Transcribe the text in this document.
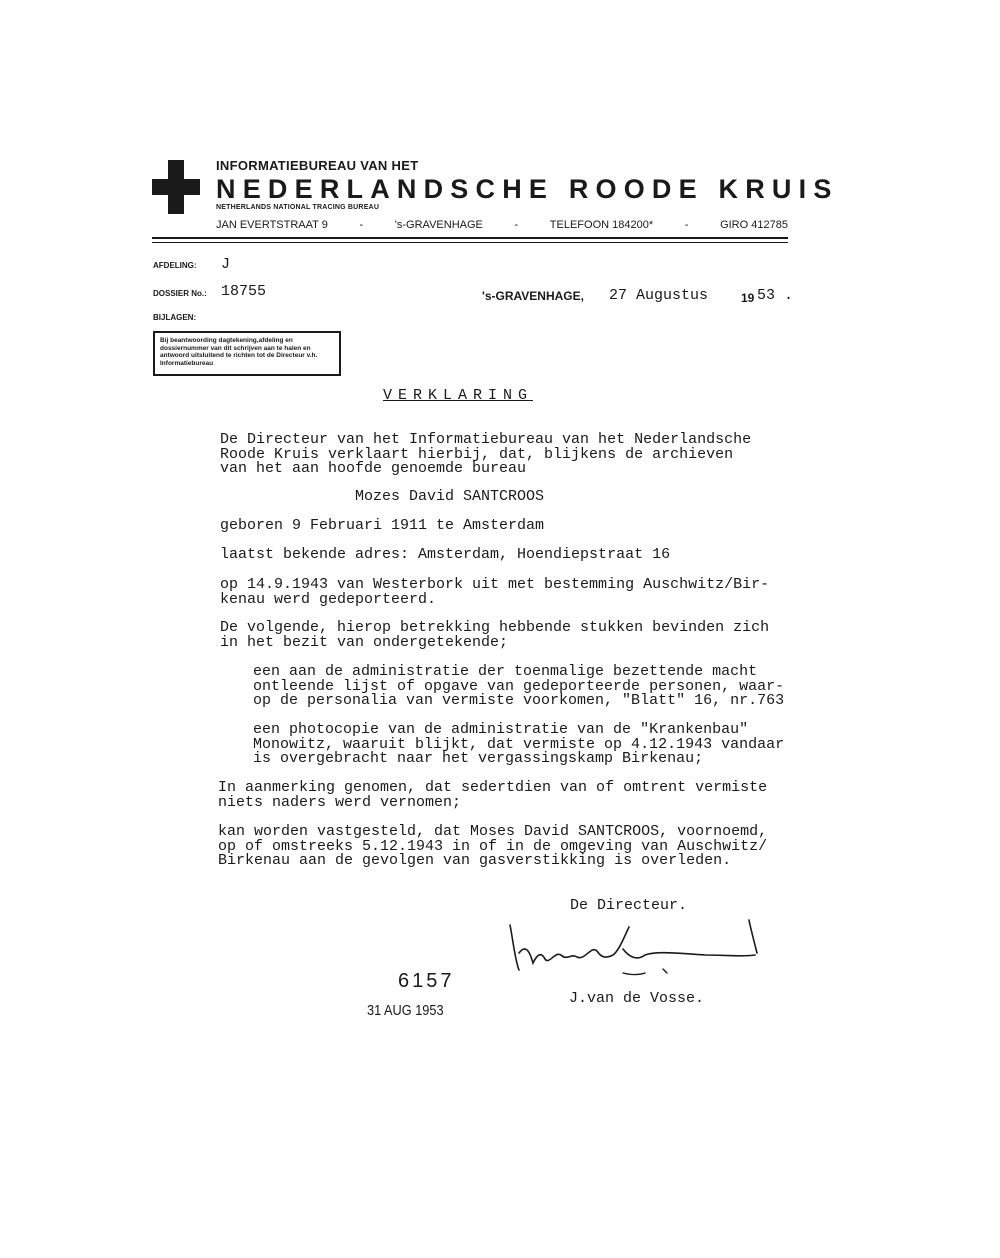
INFORMATIEBUREAU VAN HET
NEDERLANDSCHE ROODE KRUIS
NETHERLANDS NATIONAL TRACING BUREAU
JAN EVERTSTRAAT 9	-	's-GRAVENHAGE	-	TELEFOON 184200*	-	GIRO 412785
AFDELING: J
DOSSIER No.: 18755
BIJLAGEN:
's-GRAVENHAGE, 27 Augustus	19 53 .
Bij beantwoording dagtekening,afdeling en dossiernummer van dit schrijven aan te halen en antwoord uitsluitend te richten tot de Directeur v.h. Informatiebureau
VERKLARING
De Directeur van het Informatiebureau van het Nederlandsche
Roode Kruis verklaart hierbij, dat, blijkens de archieven
van het aan hoofde genoemde bureau
Mozes David SANTCROOS
geboren 9 Februari 1911 te Amsterdam
laatst bekende adres: Amsterdam, Hoendiepstraat 16
op 14.9.1943 van Westerbork uit met bestemming Auschwitz/Bir-
kenau werd gedeporteerd.
De volgende, hierop betrekking hebbende stukken bevinden zich
in het bezit van ondergetekende;
een aan de administratie der toenmalige bezettende macht
ontleende lijst of opgave van gedeporteerde personen, waar-
op de personalia van vermiste voorkomen, "Blatt" 16, nr.763
een photocopie van de administratie van de "Krankenbau"
Monowitz, waaruit blijkt, dat vermiste op 4.12.1943 vandaar
is overgebracht naar het vergassingskamp Birkenau;
In aanmerking genomen, dat sedertdien van of omtrent vermiste
niets naders werd vernomen;
kan worden vastgesteld, dat Moses David SANTCROOS, voornoemd,
op of omstreeks 5.12.1943 in of in de omgeving van Auschwitz/
Birkenau aan de gevolgen van gasverstikking is overleden.
De Directeur.
J.van de Vosse.
6157
31 AUG 1953
